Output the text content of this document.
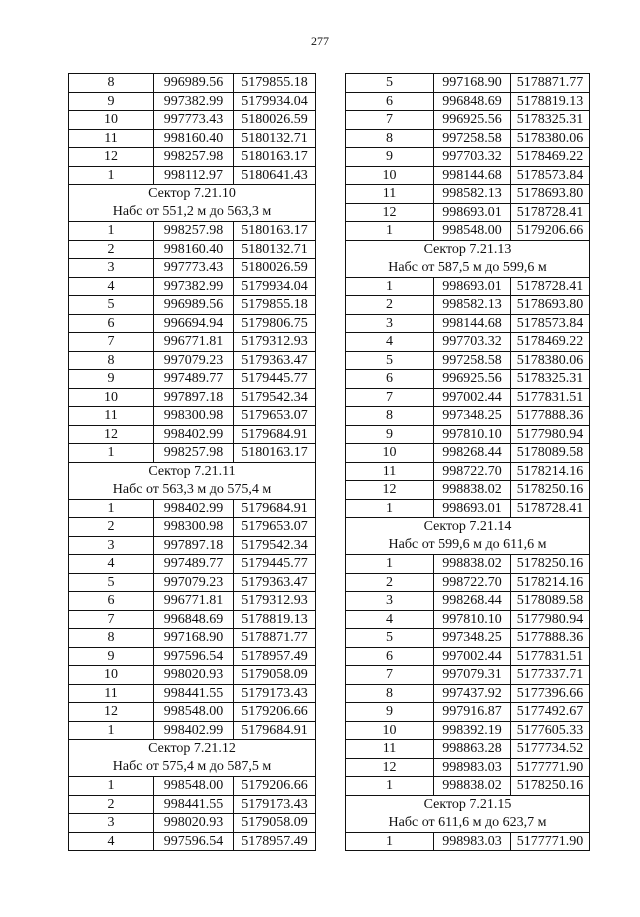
277
8	996989.56	5179855.18
9	997382.99	5179934.04
10	997773.43	5180026.59
11	998160.40	5180132.71
12	998257.98	5180163.17
1	998112.97	5180641.43
Сектор 7.21.10
Набс от 551,2 м до 563,3 м
1	998257.98	5180163.17
2	998160.40	5180132.71
3	997773.43	5180026.59
4	997382.99	5179934.04
5	996989.56	5179855.18
6	996694.94	5179806.75
7	996771.81	5179312.93
8	997079.23	5179363.47
9	997489.77	5179445.77
10	997897.18	5179542.34
11	998300.98	5179653.07
12	998402.99	5179684.91
1	998257.98	5180163.17
Сектор 7.21.11
Набс от 563,3 м до 575,4 м
1	998402.99	5179684.91
2	998300.98	5179653.07
3	997897.18	5179542.34
4	997489.77	5179445.77
5	997079.23	5179363.47
6	996771.81	5179312.93
7	996848.69	5178819.13
8	997168.90	5178871.77
9	997596.54	5178957.49
10	998020.93	5179058.09
11	998441.55	5179173.43
12	998548.00	5179206.66
1	998402.99	5179684.91
Сектор 7.21.12
Набс от 575,4 м до 587,5 м
1	998548.00	5179206.66
2	998441.55	5179173.43
3	998020.93	5179058.09
4	997596.54	5178957.49
5	997168.90	5178871.77
6	996848.69	5178819.13
7	996925.56	5178325.31
8	997258.58	5178380.06
9	997703.32	5178469.22
10	998144.68	5178573.84
11	998582.13	5178693.80
12	998693.01	5178728.41
1	998548.00	5179206.66
Сектор 7.21.13
Набс от 587,5 м до 599,6 м
1	998693.01	5178728.41
2	998582.13	5178693.80
3	998144.68	5178573.84
4	997703.32	5178469.22
5	997258.58	5178380.06
6	996925.56	5178325.31
7	997002.44	5177831.51
8	997348.25	5177888.36
9	997810.10	5177980.94
10	998268.44	5178089.58
11	998722.70	5178214.16
12	998838.02	5178250.16
1	998693.01	5178728.41
Сектор 7.21.14
Набс от 599,6 м до 611,6 м
1	998838.02	5178250.16
2	998722.70	5178214.16
3	998268.44	5178089.58
4	997810.10	5177980.94
5	997348.25	5177888.36
6	997002.44	5177831.51
7	997079.31	5177337.71
8	997437.92	5177396.66
9	997916.87	5177492.67
10	998392.19	5177605.33
11	998863.28	5177734.52
12	998983.03	5177771.90
1	998838.02	5178250.16
Сектор 7.21.15
Набс от 611,6 м до 623,7 м
1	998983.03	5177771.90
